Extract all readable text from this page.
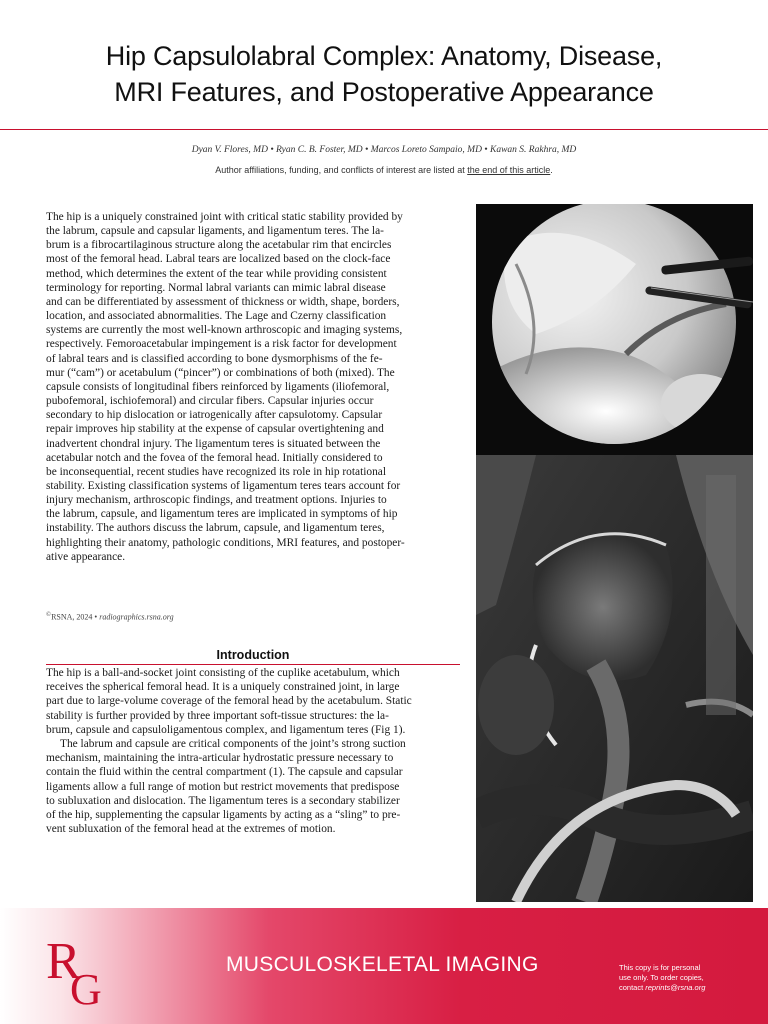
Hip Capsulolabral Complex: Anatomy, Disease,
MRI Features, and Postoperative Appearance
Dyan V. Flores, MD • Ryan C. B. Foster, MD • Marcos Loreto Sampaio, MD • Kawan S. Rakhra, MD
Author affiliations, funding, and conflicts of interest are listed at the end of this article.

The hip is a uniquely constrained joint with critical static stability provided by

the labrum, capsule and capsular ligaments, and ligamentum teres. The la-

brum is a fibrocartilaginous structure along the acetabular rim that encircles

most of the femoral head. Labral tears are localized based on the clock-face

method, which determines the extent of the tear while providing consistent

terminology for reporting. Normal labral variants can mimic labral disease

and can be differentiated by assessment of thickness or width, shape, borders,

location, and associated abnormalities. The Lage and Czerny classification

systems are currently the most well-known arthroscopic and imaging systems,

respectively. Femoroacetabular impingement is a risk factor for development

of labral tears and is classified according to bone dysmorphisms of the fe-

mur (“cam”) or acetabulum (“pincer”) or combinations of both (mixed). The

capsule consists of longitudinal fibers reinforced by ligaments (iliofemoral,

pubofemoral, ischiofemoral) and circular fibers. Capsular injuries occur

secondary to hip dislocation or iatrogenically after capsulotomy. Capsular

repair improves hip stability at the expense of capsular overtightening and

inadvertent chondral injury. The ligamentum teres is situated between the

acetabular notch and the fovea of the femoral head. Initially considered to

be inconsequential, recent studies have recognized its role in hip rotational

stability. Existing classification systems of ligamentum teres tears account for

injury mechanism, arthroscopic findings, and treatment options. Injuries to

the labrum, capsule, and ligamentum teres are implicated in symptoms of hip

instability. The authors discuss the labrum, capsule, and ligamentum teres,

highlighting their anatomy, pathologic conditions, MRI features, and postoper-

ative appearance.

©RSNA, 2024 • radiographics.rsna.org
Introduction

The hip is a ball-and-socket joint consisting of the cuplike acetabulum, which

receives the spherical femoral head. It is a uniquely constrained joint, in large

part due to large-volume coverage of the femoral head by the acetabulum. Static

stability is further provided by three important soft-tissue structures: the la-

brum, capsule and capsuloligamentous complex, and ligamentum teres (Fig 1).

The labrum and capsule are critical components of the joint’s strong suction

mechanism, maintaining the intra-articular hydrostatic pressure necessary to

contain the fluid within the central compartment (1). The capsule and capsular

ligaments allow a full range of motion but restrict movements that predispose

to subluxation and dislocation. The ligamentum teres is a secondary stabilizer

of the hip, supplementing the capsular ligaments by acting as a “sling” to pre-

vent subluxation of the femoral head at the extremes of motion.

R
G
MUSCULOSKELETAL IMAGING	This copy is for personal
use only. To order copies,
contact reprints@rsna.org
